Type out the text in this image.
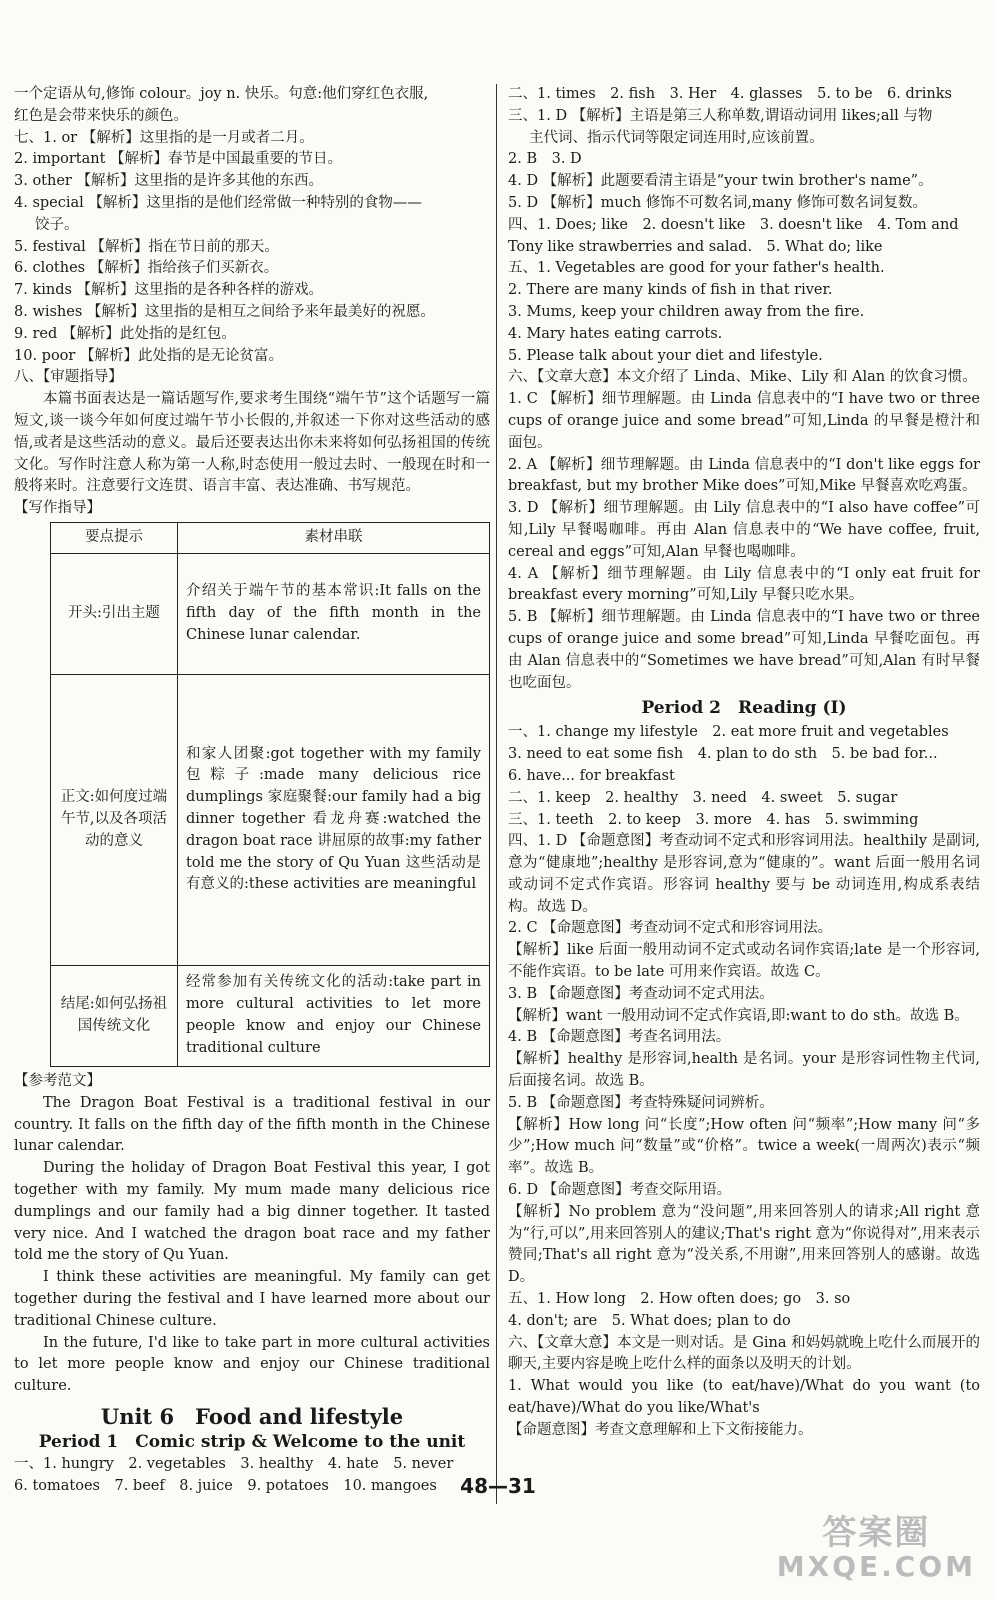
一个定语从句,修饰 colour。joy n. 快乐。句意:他们穿红色衣服,
红色是会带来快乐的颜色。
七、1. or 【解析】这里指的是一月或者二月。
2. important 【解析】春节是中国最重要的节日。
3. other 【解析】这里指的是许多其他的东西。
4. special 【解析】这里指的是他们经常做一种特别的食物——
饺子。
5. festival 【解析】指在节日前的那天。
6. clothes 【解析】指给孩子们买新衣。
7. kinds 【解析】这里指的是各种各样的游戏。
8. wishes 【解析】这里指的是相互之间给予来年最美好的祝愿。
9. red 【解析】此处指的是红包。
10. poor 【解析】此处指的是无论贫富。
八、【审题指导】
本篇书面表达是一篇话题写作,要求考生围绕“端午节”这个话题写一篇短文,谈一谈今年如何度过端午节小长假的,并叙述一下你对这些活动的感悟,或者是这些活动的意义。最后还要表达出你未来将如何弘扬祖国的传统文化。写作时注意人称为第一人称,时态使用一般过去时、一般现在时和一般将来时。注意要行文连贯、语言丰富、表达准确、书写规范。
【写作指导】
要点提示	素材串联
开头:引出主题	介绍关于端午节的基本常识:It falls on the fifth day of the fifth month in the Chinese lunar calendar.
正文:如何度过端午节,以及各项活动的意义	和家人团聚:got together with my family 包粽子:made many delicious rice dumplings 家庭聚餐:our family had a big dinner together 看龙舟赛:watched the dragon boat race 讲屈原的故事:my father told me the story of Qu Yuan 这些活动是有意义的:these activities are meaningful
结尾:如何弘扬祖国传统文化	经常参加有关传统文化的活动:take part in more cultural activities to let more people know and enjoy our Chinese traditional culture
【参考范文】
The Dragon Boat Festival is a traditional festival in our country. It falls on the fifth day of the fifth month in the Chinese lunar calendar.
During the holiday of Dragon Boat Festival this year, I got together with my family. My mum made many delicious rice dumplings and our family had a big dinner together. It tasted very nice. And I watched the dragon boat race and my father told me the story of Qu Yuan.
I think these activities are meaningful. My family can get together during the festival and I have learned more about our traditional Chinese culture.
In the future, I'd like to take part in more cultural activities to let more people know and enjoy our Chinese traditional culture.
Unit 6　Food and lifestyle
Period 1　Comic strip & Welcome to the unit
一、1. hungry　2. vegetables　3. healthy　4. hate　5. never
6. tomatoes　7. beef　8. juice　9. potatoes　10. mangoes
二、1. times　2. fish　3. Her　4. glasses　5. to be　6. drinks
三、1. D 【解析】主语是第三人称单数,谓语动词用 likes;all 与物
主代词、指示代词等限定词连用时,应该前置。
2. B　3. D
4. D 【解析】此题要看清主语是“your twin brother's name”。
5. D 【解析】much 修饰不可数名词,many 修饰可数名词复数。
四、1. Does; like　2. doesn't like　3. doesn't like　4. Tom and
Tony like strawberries and salad.　5. What do; like
五、1. Vegetables are good for your father's health.
2. There are many kinds of fish in that river.
3. Mums, keep your children away from the fire.
4. Mary hates eating carrots.
5. Please talk about your diet and lifestyle.
六、【文章大意】本文介绍了 Linda、Mike、Lily 和 Alan 的饮食习惯。
1. C 【解析】细节理解题。由 Linda 信息表中的“I have two or three cups of orange juice and some bread”可知,Linda 的早餐是橙汁和面包。
2. A 【解析】细节理解题。由 Linda 信息表中的“I don't like eggs for breakfast, but my brother Mike does”可知,Mike 早餐喜欢吃鸡蛋。
3. D 【解析】细节理解题。由 Lily 信息表中的“I also have coffee”可知,Lily 早餐喝咖啡。再由 Alan 信息表中的“We have coffee, fruit, cereal and eggs”可知,Alan 早餐也喝咖啡。
4. A 【解析】细节理解题。由 Lily 信息表中的“I only eat fruit for breakfast every morning”可知,Lily 早餐只吃水果。
5. B 【解析】细节理解题。由 Linda 信息表中的“I have two or three cups of orange juice and some bread”可知,Linda 早餐吃面包。再由 Alan 信息表中的“Sometimes we have bread”可知,Alan 有时早餐也吃面包。
Period 2　Reading (Ⅰ)
一、1. change my lifestyle　2. eat more fruit and vegetables
3. need to eat some fish　4. plan to do sth　5. be bad for...
6. have... for breakfast
二、1. keep　2. healthy　3. need　4. sweet　5. sugar
三、1. teeth　2. to keep　3. more　4. has　5. swimming
四、1. D 【命题意图】考查动词不定式和形容词用法。healthily 是副词,意为“健康地”;healthy 是形容词,意为“健康的”。want 后面一般用名词或动词不定式作宾语。形容词 healthy 要与 be 动词连用,构成系表结构。故选 D。
2. C 【命题意图】考查动词不定式和形容词用法。
【解析】like 后面一般用动词不定式或动名词作宾语;late 是一个形容词,不能作宾语。to be late 可用来作宾语。故选 C。
3. B 【命题意图】考查动词不定式用法。
【解析】want 一般用动词不定式作宾语,即:want to do sth。故选 B。
4. B 【命题意图】考查名词用法。
【解析】healthy 是形容词,health 是名词。your 是形容词性物主代词,后面接名词。故选 B。
5. B 【命题意图】考查特殊疑问词辨析。
【解析】How long 问“长度”;How often 问“频率”;How many 问“多少”;How much 问“数量”或“价格”。twice a week(一周两次)表示“频率”。故选 B。
6. D 【命题意图】考查交际用语。
【解析】No problem 意为“没问题”,用来回答别人的请求;All right 意为“行,可以”,用来回答别人的建议;That's right 意为“你说得对”,用来表示赞同;That's all right 意为“没关系,不用谢”,用来回答别人的感谢。故选 D。
五、1. How long　2. How often does; go　3. so
4. don't; are　5. What does; plan to do
六、【文章大意】本文是一则对话。是 Gina 和妈妈就晚上吃什么而展开的聊天,主要内容是晚上吃什么样的面条以及明天的计划。
1. What would you like (to eat/have)/What do you want (to eat/have)/What do you like/What's
【命题意图】考查文意理解和上下文衔接能力。
48—31
答案圈
MXQE.COM
